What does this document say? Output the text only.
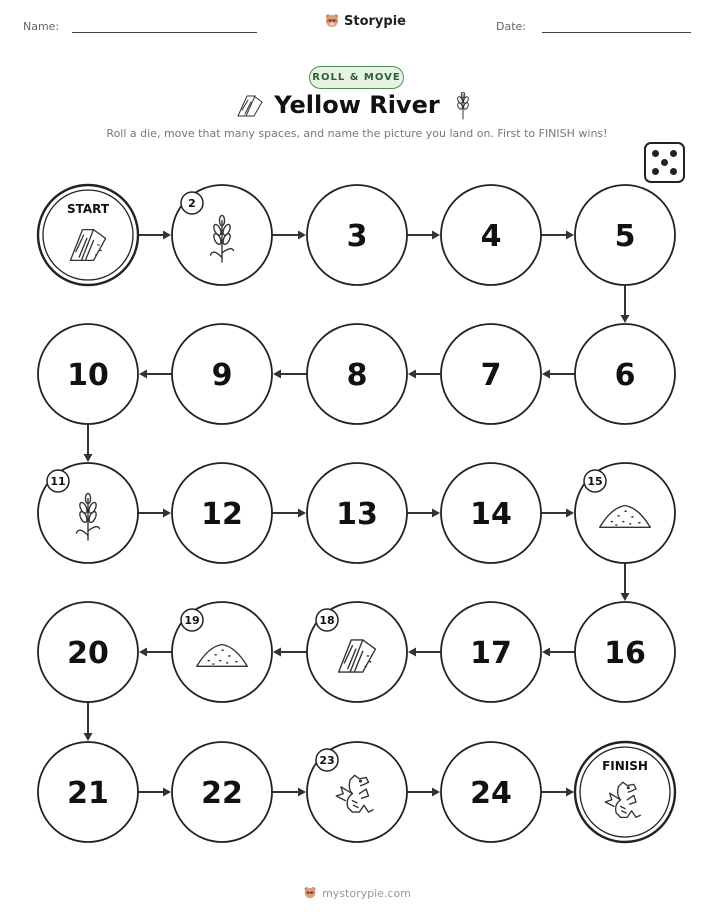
Name:	Date:
Storypie
ROLL & MOVE
Yellow River
Roll a die, move that many spaces, and name the picture you land on. First to FINISH wins!
START	2
3	4	5
6
7
8
9
10
11
12	13	14
15
16
17
18
19
20
21	22
23
24
FINISH
mystorypie.com
